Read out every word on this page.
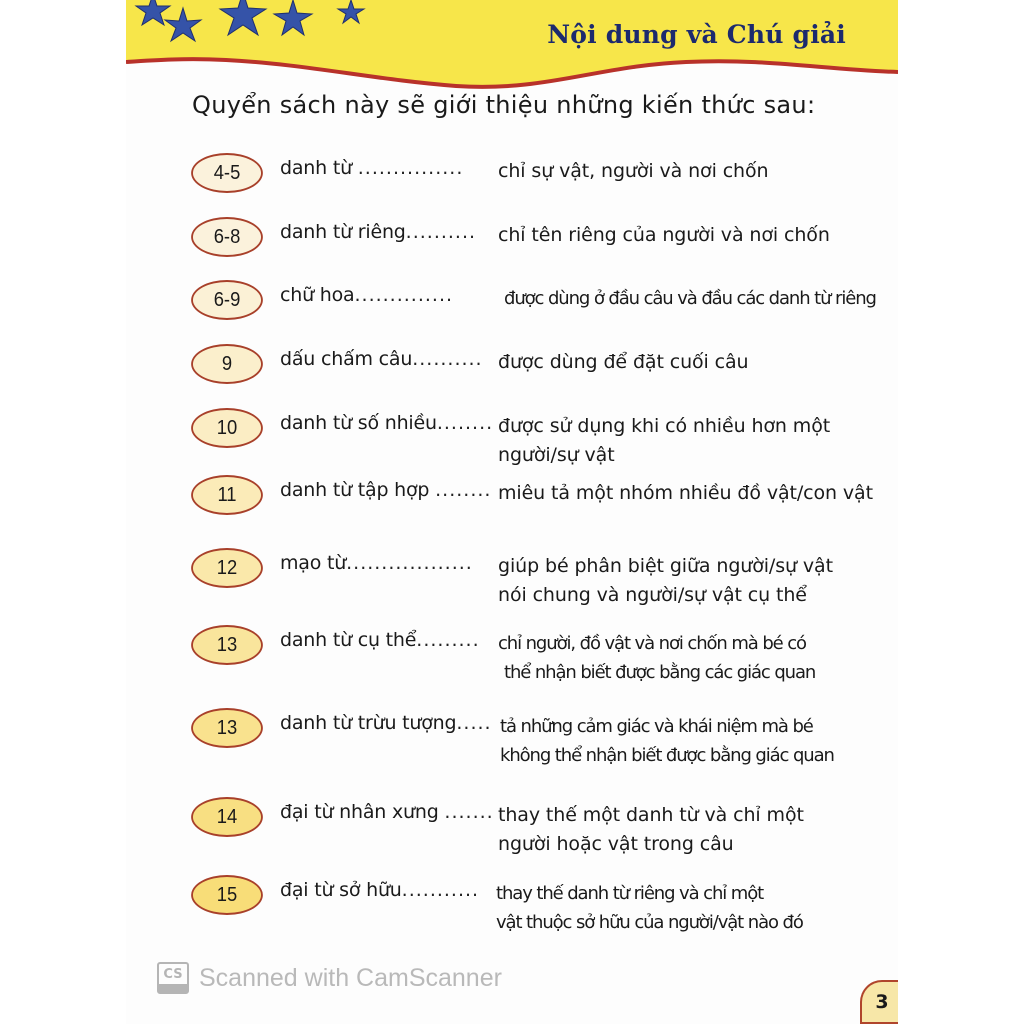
Nội dung và Chú giải
Quyển sách này sẽ giới thiệu những kiến thức sau:
4-5	danh từ ............... chỉ sự vật, người và nơi chốn
6-8	danh từ riêng.......... chỉ tên riêng của người và nơi chốn
6-9	chữ hoa..............	được dùng ở đầu câu và đầu các danh từ riêng
9	dấu chấm câu.......... được dùng để đặt cuối câu
10	danh từ số nhiều........ được sử dụng khi có nhiều hơn một
người/sự vật
11	danh từ tập hợp ........ miêu tả một nhóm nhiều đồ vật/con vật
12	mạo từ.................. giúp bé phân biệt giữa người/sự vật
nói chung và người/sự vật cụ thể
13	danh từ cụ thể......... chỉ người, đồ vật và nơi chốn mà bé có
thể nhận biết được bằng các giác quan
13	danh từ trừu tượng..... tả những cảm giác và khái niệm mà bé
không thể nhận biết được bằng giác quan
14	đại từ nhân xưng ....... thay thế một danh từ và chỉ một
người hoặc vật trong câu
15	đại từ sở hữu........... thay thế danh từ riêng và chỉ một
vật thuộc sở hữu của người/vật nào đó
CS Scanned with CamScanner
3
